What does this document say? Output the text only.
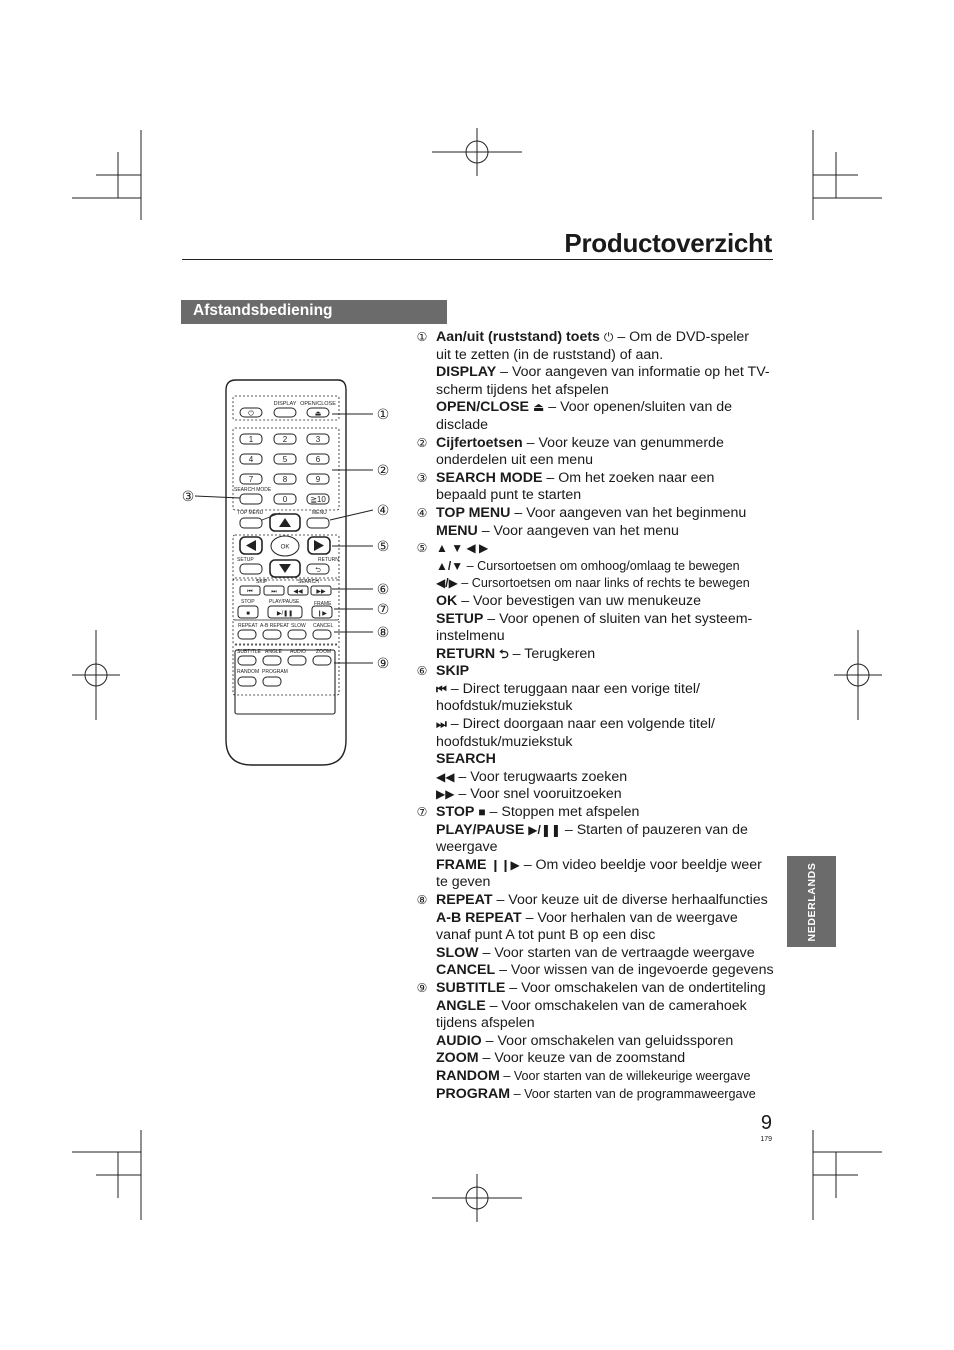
Productoverzicht
Afstandsbediening
NEDERLANDS
9
179
DISPLAY OPEN/CLOSE
⏻	⏏
1	2	3
4	5	6
7	8	9
0	≧10
SEARCH MODE
TOP MENU	MENU
SETUP	RETURN
SKIP	SEARCH
STOP	PLAY/PAUSE	FRAME
REPEAT A-B REPEAT SLOW CANCEL
SUBTITLE ANGLE AUDIO ZOOM
RANDOM PROGRAM
OK
⮌
⏮	⏭	◀◀ ▶▶
■	▶/❚❚	❙▶
①
②
③
④
⑤
⑥
⑦
⑧
⑨
① Aan/uit (ruststand) toets ⏻ – Om de DVD-speler
uit te zetten (in de ruststand) of aan.
DISPLAY – Voor aangeven van informatie op het TV-
scherm tijdens het afspelen
OPEN/CLOSE ⏏ – Voor openen/sluiten van de
disclade
② Cijfertoetsen – Voor keuze van genummerde
onderdelen uit een menu
③ SEARCH MODE – Om het zoeken naar een
bepaald punt te starten
④ TOP MENU – Voor aangeven van het beginmenu
MENU – Voor aangeven van het menu
⑤ ▲ ▼ ◀ ▶
▲/▼ – Cursortoetsen om omhoog/omlaag te bewegen
◀/▶ – Cursortoetsen om naar links of rechts te bewegen
OK – Voor bevestigen van uw menukeuze
SETUP – Voor openen of sluiten van het systeem-
instelmenu
RETURN ⮌ – Terugkeren
⑥ SKIP
⏮ – Direct teruggaan naar een vorige titel/
hoofdstuk/muziekstuk
⏭ – Direct doorgaan naar een volgende titel/
hoofdstuk/muziekstuk
SEARCH
◀◀ – Voor terugwaarts zoeken
▶▶ – Voor snel vooruitzoeken
⑦ STOP ■ – Stoppen met afspelen
PLAY/PAUSE ▶/❚❚ – Starten of pauzeren van de
weergave
FRAME ❙❙▶ – Om video beeldje voor beeldje weer
te geven
⑧ REPEAT – Voor keuze uit de diverse herhaalfuncties
A-B REPEAT – Voor herhalen van de weergave
vanaf punt A tot punt B op een disc
SLOW – Voor starten van de vertraagde weergave
CANCEL – Voor wissen van de ingevoerde gegevens
⑨ SUBTITLE – Voor omschakelen van de ondertiteling
ANGLE – Voor omschakelen van de camerahoek
tijdens afspelen
AUDIO – Voor omschakelen van geluidssporen
ZOOM – Voor keuze van de zoomstand
RANDOM – Voor starten van de willekeurige weergave
PROGRAM – Voor starten van de programmaweergave
